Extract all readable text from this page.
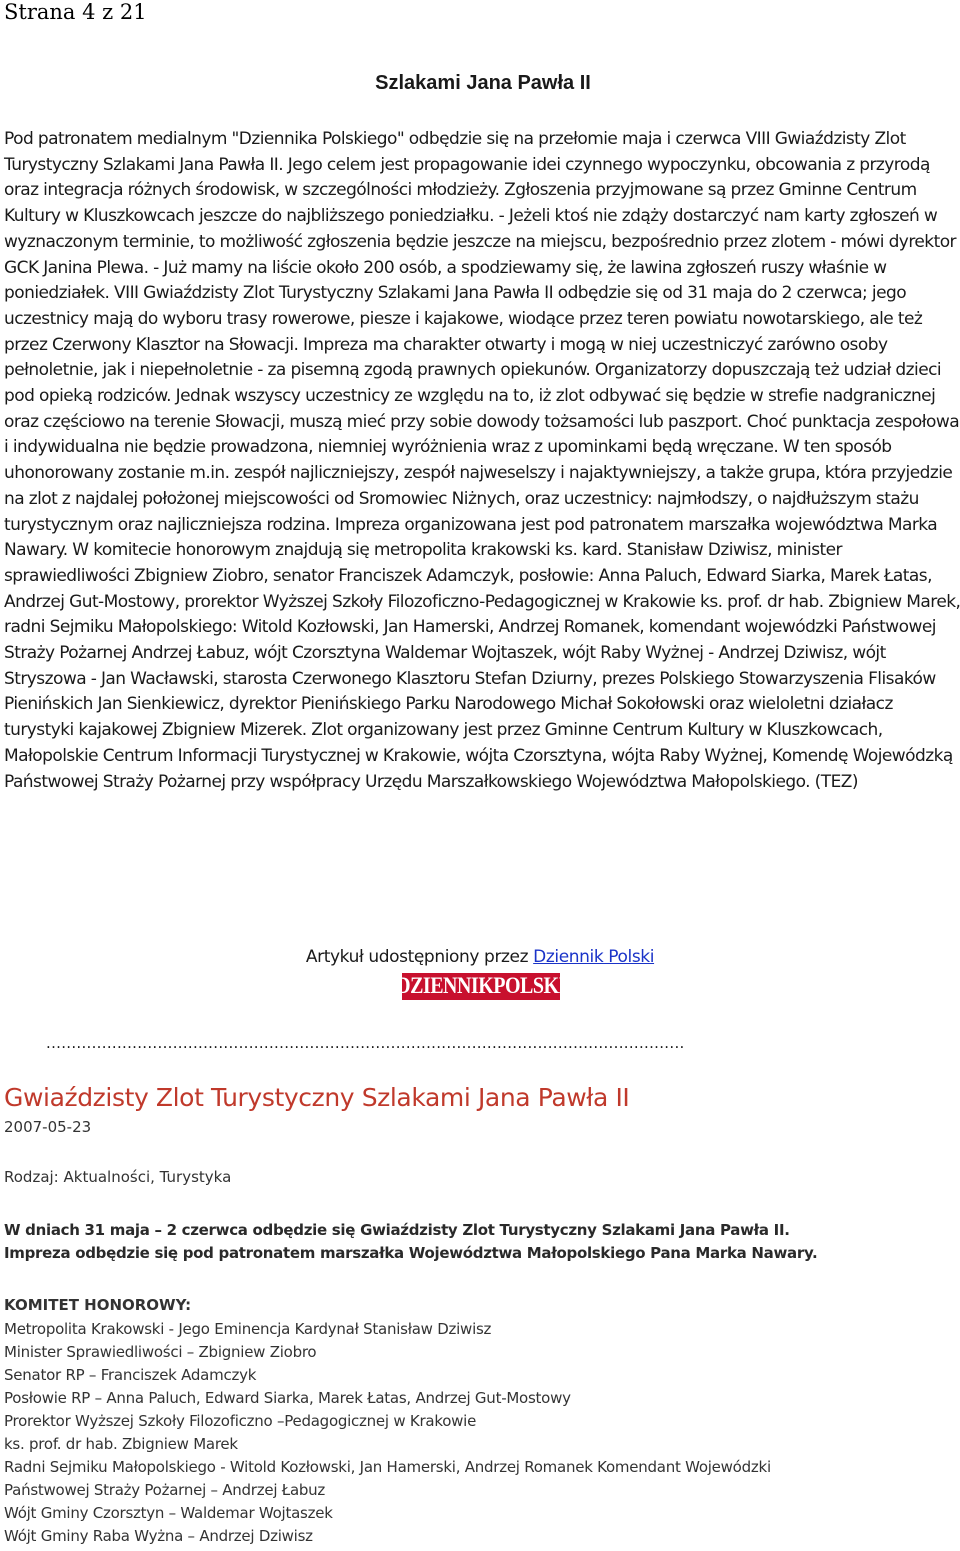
Strana 4 z 21
Szlakami Jana Pawła II
Pod patronatem medialnym "Dziennika Polskiego" odbędzie się na przełomie maja i czerwca VIII Gwiaździsty Zlot Turystyczny Szlakami Jana Pawła II. Jego celem jest propagowanie idei czynnego wypoczynku, obcowania z przyrodą oraz integracja różnych środowisk, w szczególności młodzieży. Zgłoszenia przyjmowane są przez Gminne Centrum Kultury w Kluszkowcach jeszcze do najbliższego poniedziałku. - Jeżeli ktoś nie zdąży dostarczyć nam karty zgłoszeń w wyznaczonym terminie, to możliwość zgłoszenia będzie jeszcze na miejscu, bezpośrednio przez zlotem - mówi dyrektor GCK Janina Plewa. - Już mamy na liście około 200 osób, a spodziewamy się, że lawina zgłoszeń ruszy właśnie w poniedziałek. VIII Gwiaździsty Zlot Turystyczny Szlakami Jana Pawła II odbędzie się od 31 maja do 2 czerwca; jego uczestnicy mają do wyboru trasy rowerowe, piesze i kajakowe, wiodące przez teren powiatu nowotarskiego, ale też przez Czerwony Klasztor na Słowacji. Impreza ma charakter otwarty i mogą w niej uczestniczyć zarówno osoby pełnoletnie, jak i niepełnoletnie - za pisemną zgodą prawnych opiekunów. Organizatorzy dopuszczają też udział dzieci pod opieką rodziców. Jednak wszyscy uczestnicy ze względu na to, iż zlot odbywać się będzie w strefie nadgranicznej oraz częściowo na terenie Słowacji, muszą mieć przy sobie dowody tożsamości lub paszport. Choć punktacja zespołowa i indywidualna nie będzie prowadzona, niemniej wyróżnienia wraz z upominkami będą wręczane. W ten sposób uhonorowany zostanie m.in. zespół najliczniejszy, zespół najweselszy i najaktywniejszy, a także grupa, która przyjedzie na zlot z najdalej położonej miejscowości od Sromowiec Niżnych, oraz uczestnicy: najmłodszy, o najdłuższym stażu turystycznym oraz najliczniejsza rodzina. Impreza organizowana jest pod patronatem marszałka województwa Marka Nawary. W komitecie honorowym znajdują się metropolita krakowski ks. kard. Stanisław Dziwisz, minister sprawiedliwości Zbigniew Ziobro, senator Franciszek Adamczyk, posłowie: Anna Paluch, Edward Siarka, Marek Łatas, Andrzej Gut-Mostowy, prorektor Wyższej Szkoły Filozoficzno-Pedagogicznej w Krakowie ks. prof. dr hab. Zbigniew Marek, radni Sejmiku Małopolskiego: Witold Kozłowski, Jan Hamerski, Andrzej Romanek, komendant wojewódzki Państwowej Straży Pożarnej Andrzej Łabuz, wójt Czorsztyna Waldemar Wojtaszek, wójt Raby Wyżnej - Andrzej Dziwisz, wójt Stryszowa - Jan Wacławski, starosta Czerwonego Klasztoru Stefan Dziurny, prezes Polskiego Stowarzyszenia Flisaków Pienińskich Jan Sienkiewicz, dyrektor Pienińskiego Parku Narodowego Michał Sokołowski oraz wieloletni działacz turystyki kajakowej Zbigniew Mizerek. Zlot organizowany jest przez Gminne Centrum Kultury w Kluszkowcach, Małopolskie Centrum Informacji Turystycznej w Krakowie, wójta Czorsztyna, wójta Raby Wyżnej, Komendę Wojewódzką Państwowej Straży Pożarnej przy współpracy Urzędu Marszałkowskiego Województwa Małopolskiego. (TEZ)
Artykuł udostępniony przez Dziennik Polski
DZIENNIKPOLSKI
..............................................................................................................................
Gwiaździsty Zlot Turystyczny Szlakami Jana Pawła II
2007-05-23
Rodzaj: Aktualności, Turystyka
W dniach 31 maja – 2 czerwca odbędzie się Gwiaździsty Zlot Turystyczny Szlakami Jana Pawła II.
Impreza odbędzie się pod patronatem marszałka Województwa Małopolskiego Pana Marka Nawary.
KOMITET HONOROWY:
Metropolita Krakowski - Jego Eminencja Kardynał Stanisław Dziwisz
Minister Sprawiedliwości – Zbigniew Ziobro
Senator RP – Franciszek Adamczyk
Posłowie RP – Anna Paluch, Edward Siarka, Marek Łatas, Andrzej Gut-Mostowy
Prorektor Wyższej Szkoły Filozoficzno –Pedagogicznej w Krakowie
ks. prof. dr hab. Zbigniew Marek
Radni Sejmiku Małopolskiego - Witold Kozłowski, Jan Hamerski, Andrzej Romanek Komendant Wojewódzki
Państwowej Straży Pożarnej – Andrzej Łabuz
Wójt Gminy Czorsztyn – Waldemar Wojtaszek
Wójt Gminy Raba Wyżna – Andrzej Dziwisz
